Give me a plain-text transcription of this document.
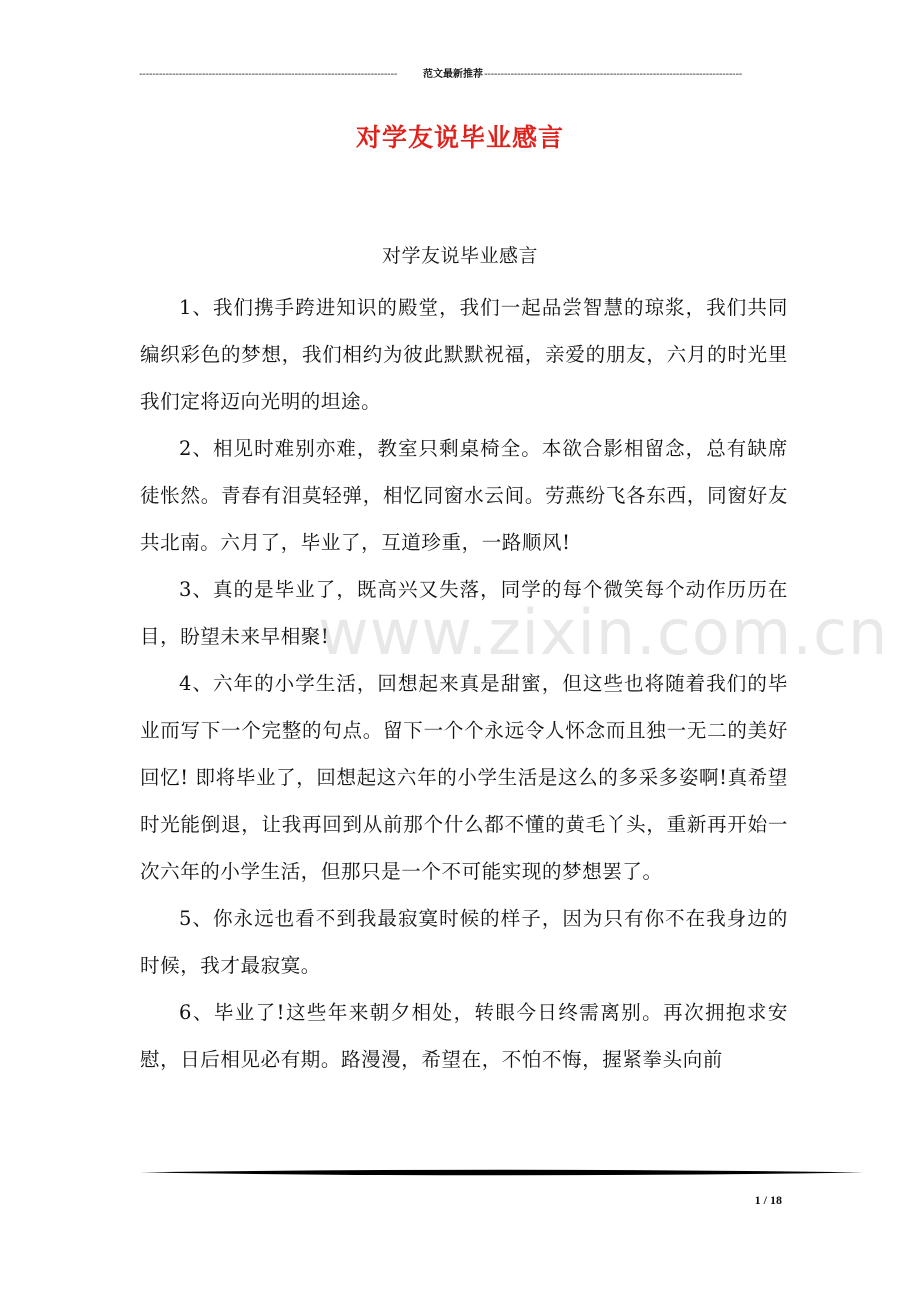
------------------------------------------------------------------------------	范文最新推荐 ------------------------------------------------------------------------------
对学友说毕业感言
对学友说毕业感言

1、我们携手跨进知识的殿堂，我们一起品尝智慧的琼浆，我们共同编织彩色的梦想，我们相约为彼此默默祝福，亲爱的朋友，六月的时光里我们定将迈向光明的坦途。

2、相见时难别亦难，教室只剩桌椅全。本欲合影相留念，总有缺席徒怅然。青春有泪莫轻弹，相忆同窗水云间。劳燕纷飞各东西，同窗好友共北南。六月了，毕业了，互道珍重，一路顺风!

3、真的是毕业了，既高兴又失落，同学的每个微笑每个动作历历在目，盼望未来早相聚!

4、六年的小学生活，回想起来真是甜蜜，但这些也将随着我们的毕业而写下一个完整的句点。留下一个个永远令人怀念而且独一无二的美好回忆! 即将毕业了，回想起这六年的小学生活是这么的多采多姿啊!真希望时光能倒退，让我再回到从前那个什么都不懂的黄毛丫头，重新再开始一次六年的小学生活，但那只是一个不可能实现的梦想罢了。

5、你永远也看不到我最寂寞时候的样子，因为只有你不在我身边的时候，我才最寂寞。

6、毕业了!这些年来朝夕相处，转眼今日终需离别。再次拥抱求安慰，日后相见必有期。路漫漫，希望在，不怕不悔，握紧拳头向前

www.zixin.com.cn
1 / 18
